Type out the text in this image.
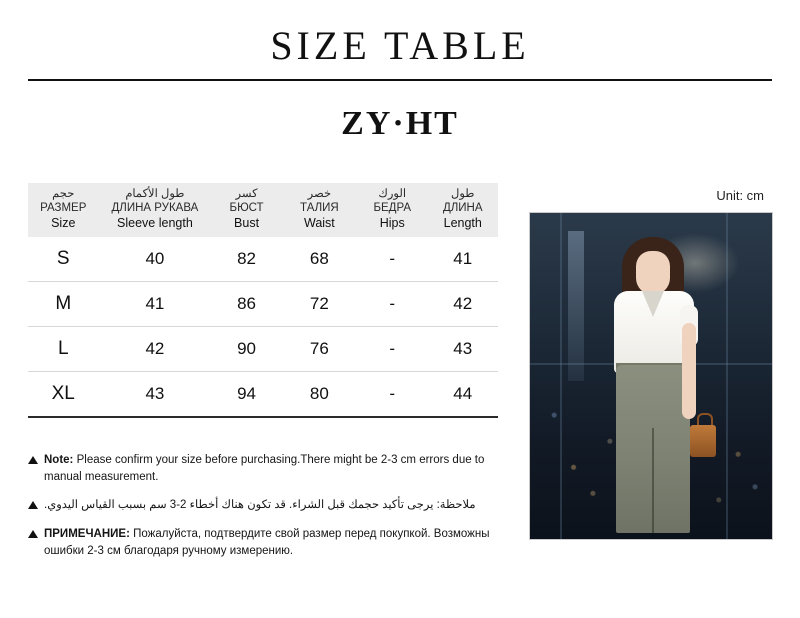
SIZE TABLE
ZY·HT
Unit: cm
حجم
РАЗМЕР
Size	طول الأكمام
ДЛИНА РУКАВА
Sleeve length	كسر
БЮСТ
Bust	خصر
ТАЛИЯ
Waist	الورك
БЕДРА
Hips	طول
ДЛИНА
Length

S	40	82	68	-	41
M	41	86	72	-	42
L	42	90	76	-	43
XL	43	94	80	-	44
Note: Please confirm your size before purchasing.There might be 2-3 cm errors due to manual measurement.
ملاحظة: يرجى تأكيد حجمك قبل الشراء. قد تكون هناك أخطاء 2-3 سم بسبب القياس اليدوي.
ПРИМЕЧАНИЕ: Пожалуйста, подтвердите свой размер перед покупкой. Возможны ошибки 2-3 см благодаря ручному измерению.
